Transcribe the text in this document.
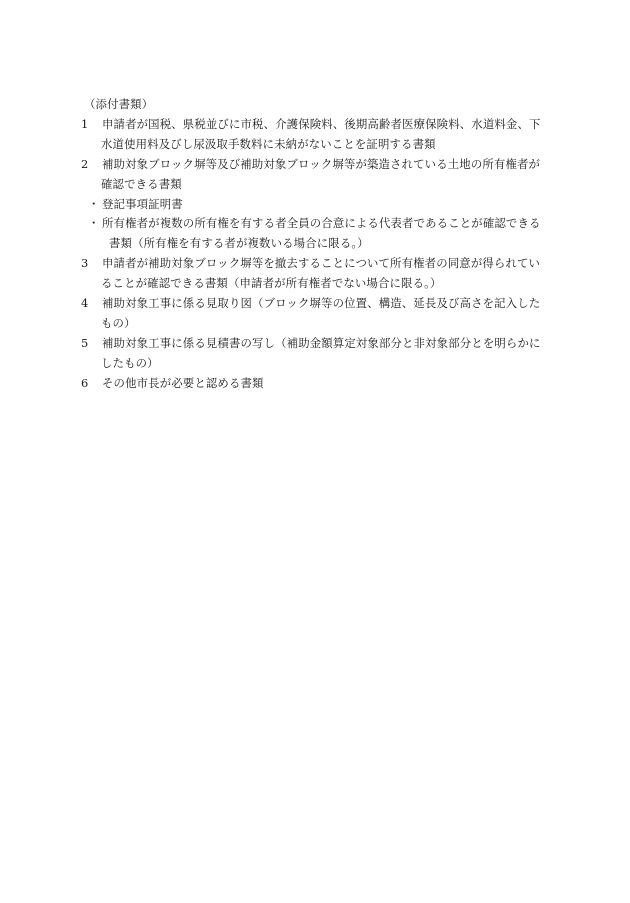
（添付書類）
1	申請者が国税、県税並びに市税、介護保険料、後期高齢者医療保険料、水道料金、下
水道使用料及びし尿汲取手数料に未納がないことを証明する書類
2	補助対象ブロック塀等及び補助対象ブロック塀等が築造されている土地の所有権者が
確認できる書類
・ 登記事項証明書
・ 所有権者が複数の所有権を有する者全員の合意による代表者であることが確認できる
書類（所有権を有する者が複数いる場合に限る。）
3	申請者が補助対象ブロック塀等を撤去することについて所有権者の同意が得られてい
ることが確認できる書類（申請者が所有権者でない場合に限る。）
4	補助対象工事に係る見取り図（ブロック塀等の位置、構造、延長及び高さを記入した
もの）
5	補助対象工事に係る見積書の写し（補助金額算定対象部分と非対象部分とを明らかに
したもの）
6	その他市長が必要と認める書類
